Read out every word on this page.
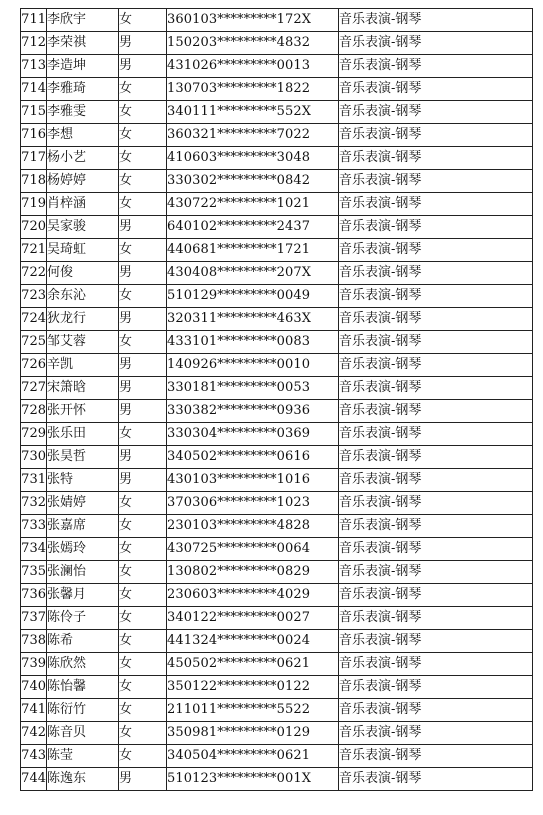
711	李欣宇	女	360103*********172X	音乐表演-钢琴
712	李荣祺	男	150203*********4832	音乐表演-钢琴
713	李造坤	男	431026*********0013	音乐表演-钢琴
714	李雅琦	女	130703*********1822	音乐表演-钢琴
715	李雅雯	女	340111*********552X	音乐表演-钢琴
716	李想	女	360321*********7022	音乐表演-钢琴
717	杨小艺	女	410603*********3048	音乐表演-钢琴
718	杨婷婷	女	330302*********0842	音乐表演-钢琴
719	肖梓涵	女	430722*********1021	音乐表演-钢琴
720	吴家骏	男	640102*********2437	音乐表演-钢琴
721	吴琦虹	女	440681*********1721	音乐表演-钢琴
722	何俊	男	430408*********207X	音乐表演-钢琴
723	余东沁	女	510129*********0049	音乐表演-钢琴
724	狄龙行	男	320311*********463X	音乐表演-钢琴
725	邹艾蓉	女	433101*********0083	音乐表演-钢琴
726	辛凯	男	140926*********0010	音乐表演-钢琴
727	宋箫晗	男	330181*********0053	音乐表演-钢琴
728	张开怀	男	330382*********0936	音乐表演-钢琴
729	张乐田	女	330304*********0369	音乐表演-钢琴
730	张昊哲	男	340502*********0616	音乐表演-钢琴
731	张特	男	430103*********1016	音乐表演-钢琴
732	张婧婷	女	370306*********1023	音乐表演-钢琴
733	张嘉席	女	230103*********4828	音乐表演-钢琴
734	张嫣玲	女	430725*********0064	音乐表演-钢琴
735	张澜怡	女	130802*********0829	音乐表演-钢琴
736	张馨月	女	230603*********4029	音乐表演-钢琴
737	陈伶子	女	340122*********0027	音乐表演-钢琴
738	陈希	女	441324*********0024	音乐表演-钢琴
739	陈欣然	女	450502*********0621	音乐表演-钢琴
740	陈怡馨	女	350122*********0122	音乐表演-钢琴
741	陈衍竹	女	211011*********5522	音乐表演-钢琴
742	陈音贝	女	350981*********0129	音乐表演-钢琴
743	陈莹	女	340504*********0621	音乐表演-钢琴
744	陈逸东	男	510123*********001X	音乐表演-钢琴
